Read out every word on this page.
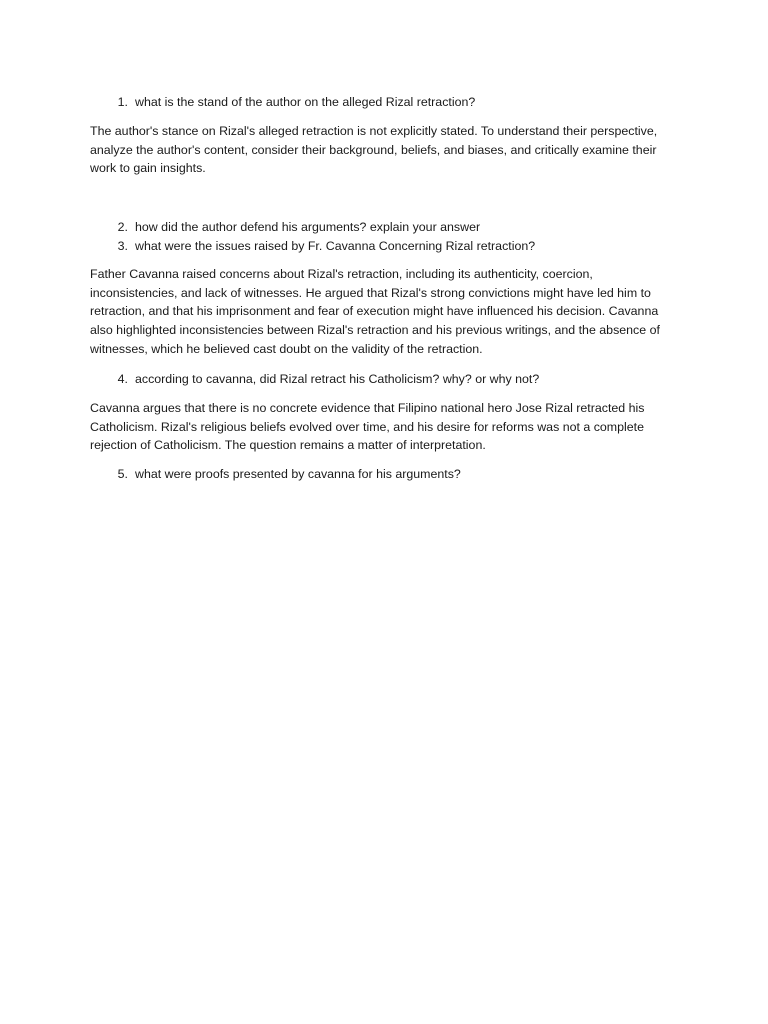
1. what is the stand of the author on the alleged Rizal retraction?

The author's stance on Rizal's alleged retraction is not explicitly stated. To understand their perspective, analyze the author's content, consider their background, beliefs, and biases, and critically examine their work to gain insights.

2. how did the author defend his arguments? explain your answer
3. what were the issues raised by Fr. Cavanna Concerning Rizal retraction?

Father Cavanna raised concerns about Rizal's retraction, including its authenticity, coercion, inconsistencies, and lack of witnesses. He argued that Rizal's strong convictions might have led him to retraction, and that his imprisonment and fear of execution might have influenced his decision. Cavanna also highlighted inconsistencies between Rizal's retraction and his previous writings, and the absence of witnesses, which he believed cast doubt on the validity of the retraction.

4. according to cavanna, did Rizal retract his Catholicism? why? or why not?

Cavanna argues that there is no concrete evidence that Filipino national hero Jose Rizal retracted his Catholicism. Rizal's religious beliefs evolved over time, and his desire for reforms was not a complete rejection of Catholicism. The question remains a matter of interpretation.

5. what were proofs presented by cavanna for his arguments?
